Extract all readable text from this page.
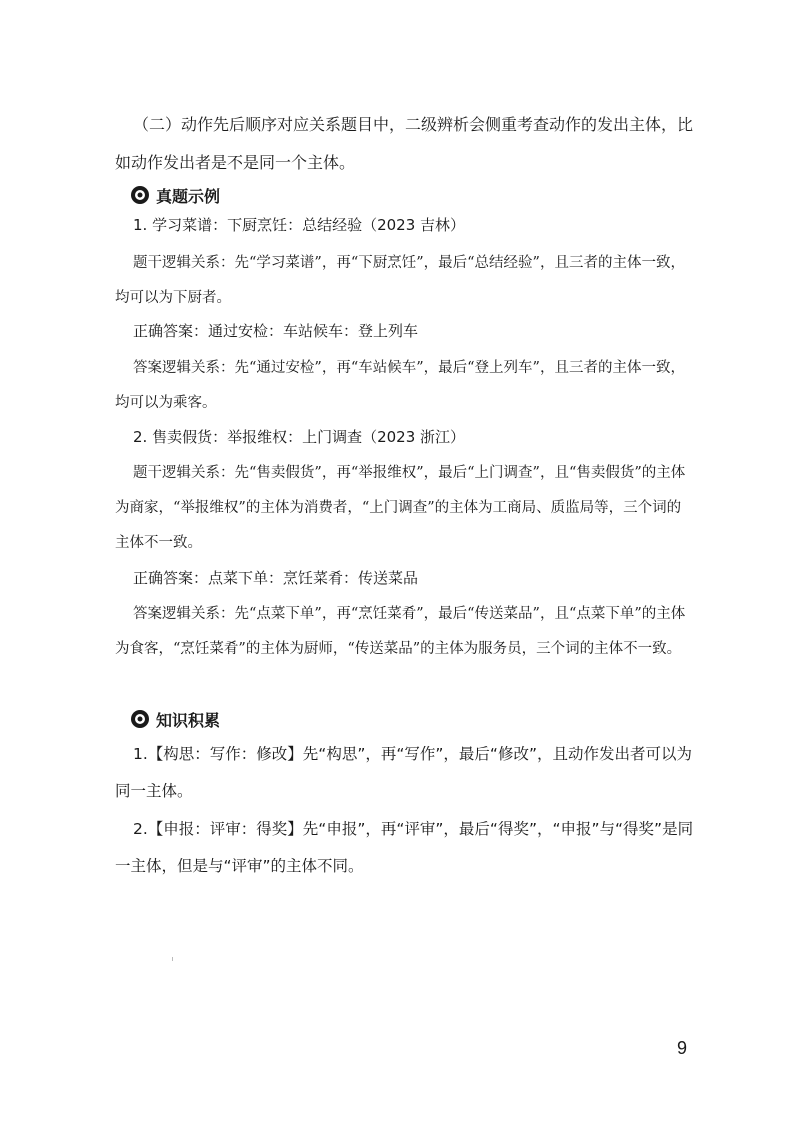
（二）动作先后顺序对应关系题目中，二级辨析会侧重考查动作的发出主体，比如动作发出者是不是同一个主体。

真题示例
1. 学习菜谱：下厨烹饪：总结经验（2023 吉林）

题干逻辑关系：先“学习菜谱”，再“下厨烹饪”，最后“总结经验”，且三者的主体一致，均可以为下厨者。

正确答案：通过安检：车站候车：登上列车

答案逻辑关系：先“通过安检”，再“车站候车”，最后“登上列车”，且三者的主体一致，均可以为乘客。

2. 售卖假货：举报维权：上门调查（2023 浙江）

题干逻辑关系：先“售卖假货”，再“举报维权”，最后“上门调查”，且“售卖假货”的主体为商家，“举报维权”的主体为消费者，“上门调查”的主体为工商局、质监局等，三个词的主体不一致。

正确答案：点菜下单：烹饪菜肴：传送菜品

答案逻辑关系：先“点菜下单”，再“烹饪菜肴”，最后“传送菜品”，且“点菜下单”的主体为食客，“烹饪菜肴”的主体为厨师，“传送菜品”的主体为服务员，三个词的主体不一致。

知识积累

1.【构思：写作：修改】先“构思”，再“写作”，最后“修改”，且动作发出者可以为同一主体。

2.【申报：评审：得奖】先“申报”，再“评审”，最后“得奖”，“申报”与“得奖”是同一主体，但是与“评审”的主体不同。

9
